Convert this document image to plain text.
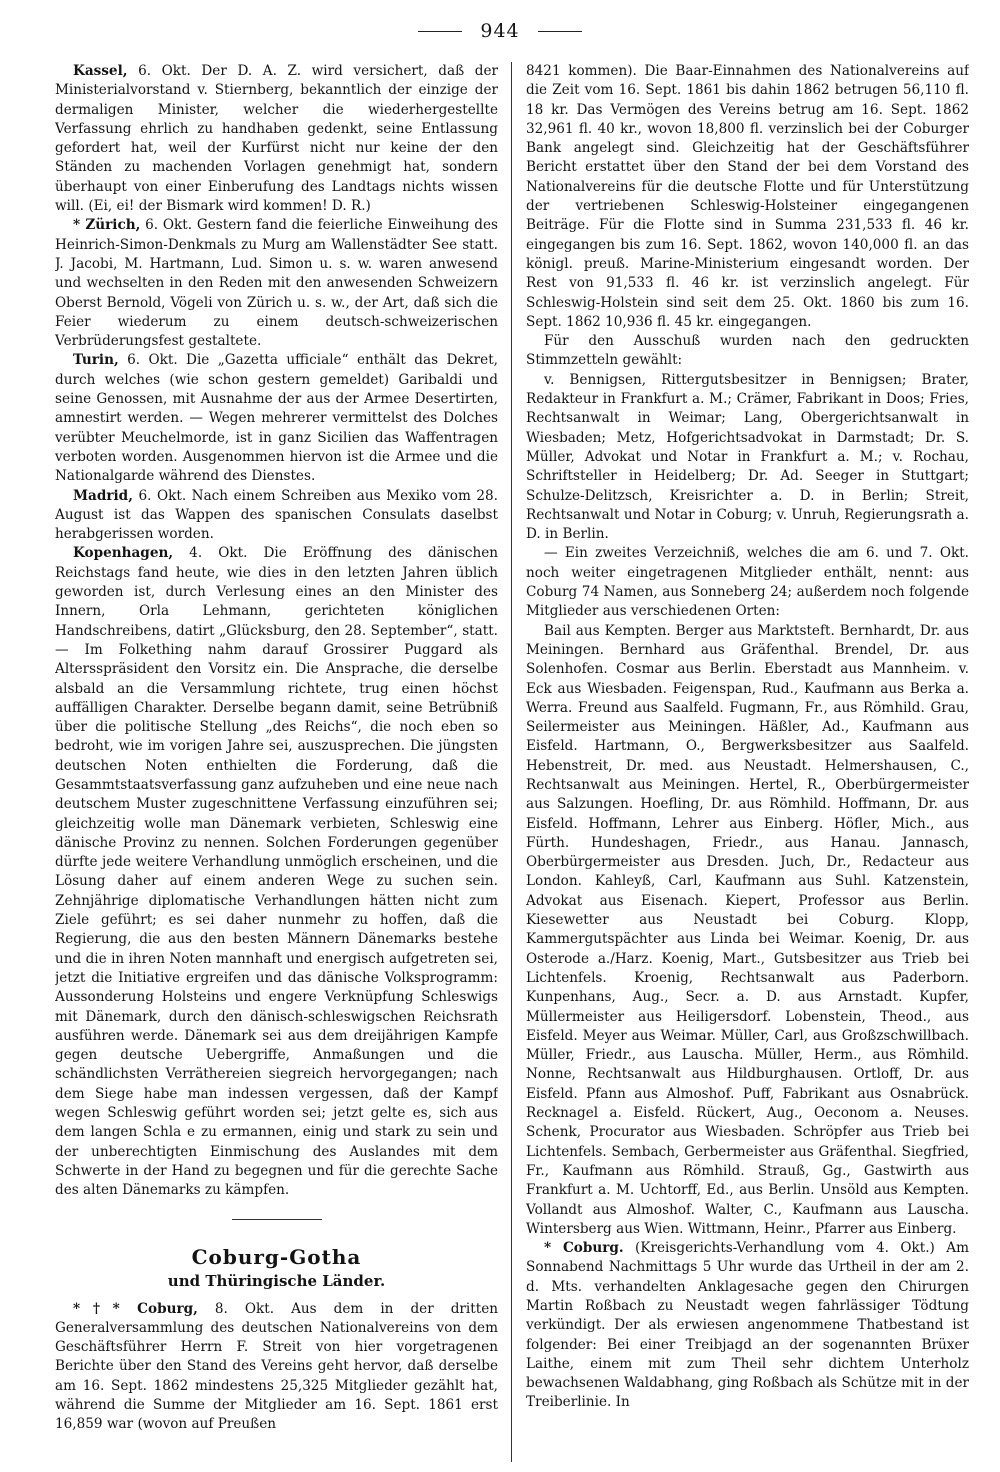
944

Kassel, 6. Okt. Der D. A. Z. wird versichert, daß der Ministerialvorstand v. Stiernberg, bekanntlich der einzige der dermaligen Minister, welcher die wiederhergestellte Verfassung ehrlich zu handhaben gedenkt, seine Entlassung gefordert hat, weil der Kurfürst nicht nur keine der den Ständen zu machenden Vorlagen genehmigt hat, sondern überhaupt von einer Einberufung des Landtags nichts wissen will. (Ei, ei! der Bismark wird kommen! D. R.)

* Zürich, 6. Okt. Gestern fand die feierliche Einweihung des Heinrich-Simon-Denkmals zu Murg am Wallenstädter See statt. J. Jacobi, M. Hartmann, Lud. Simon u. s. w. waren anwesend und wechselten in den Reden mit den anwesenden Schweizern Oberst Bernold, Vögeli von Zürich u. s. w., der Art, daß sich die Feier wiederum zu einem deutsch-schweizerischen Verbrüderungsfest gestaltete.

Turin, 6. Okt. Die „Gazetta ufficiale“ enthält das Dekret, durch welches (wie schon gestern gemeldet) Garibaldi und seine Genossen, mit Ausnahme der aus der Armee Desertirten, amnestirt werden. — Wegen mehrerer vermittelst des Dolches verübter Meuchelmorde, ist in ganz Sicilien das Waffentragen verboten worden. Ausgenommen hiervon ist die Armee und die Nationalgarde während des Dienstes.

Madrid, 6. Okt. Nach einem Schreiben aus Mexiko vom 28. August ist das Wappen des spanischen Consulats daselbst herabgerissen worden.

Kopenhagen, 4. Okt. Die Eröffnung des dänischen Reichstags fand heute, wie dies in den letzten Jahren üblich geworden ist, durch Verlesung eines an den Minister des Innern, Orla Lehmann, gerichteten königlichen Handschreibens, datirt „Glücksburg, den 28. September“, statt. — Im Folkething nahm darauf Grossirer Puggard als Altersspräsident den Vorsitz ein. Die Ansprache, die derselbe alsbald an die Versammlung richtete, trug einen höchst auffälligen Charakter. Derselbe begann damit, seine Betrübniß über die politische Stellung „des Reichs“, die noch eben so bedroht, wie im vorigen Jahre sei, auszusprechen. Die jüngsten deutschen Noten enthielten die Forderung, daß die Gesammtstaatsverfassung ganz aufzuheben und eine neue nach deutschem Muster zugeschnittene Verfassung einzuführen sei; gleichzeitig wolle man Dänemark verbieten, Schleswig eine dänische Provinz zu nennen. Solchen Forderungen gegenüber dürfte jede weitere Verhandlung unmöglich erscheinen, und die Lösung daher auf einem anderen Wege zu suchen sein. Zehnjährige diplomatische Verhandlungen hätten nicht zum Ziele geführt; es sei daher nunmehr zu hoffen, daß die Regierung, die aus den besten Männern Dänemarks bestehe und die in ihren Noten mannhaft und energisch aufgetreten sei, jetzt die Initiative ergreifen und das dänische Volksprogramm: Aussonderung Holsteins und engere Verknüpfung Schleswigs mit Dänemark, durch den dänisch-schleswigschen Reichsrath ausführen werde. Dänemark sei aus dem dreijährigen Kampfe gegen deutsche Uebergriffe, Anmaßungen und die schändlichsten Verräthereien siegreich hervorgegangen; nach dem Siege habe man indessen vergessen, daß der Kampf wegen Schleswig geführt worden sei; jetzt gelte es, sich aus dem langen Schla e zu ermannen, einig und stark zu sein und der unberechtigten Einmischung des Auslandes mit dem Schwerte in der Hand zu begegnen und für die gerechte Sache des alten Dänemarks zu kämpfen.

Coburg-Gotha
und Thüringische Länder.

*†* Coburg, 8. Okt. Aus dem in der dritten Generalversammlung des deutschen Nationalvereins von dem Geschäftsführer Herrn F. Streit von hier vorgetragenen Berichte über den Stand des Vereins geht hervor, daß derselbe am 16. Sept. 1862 mindestens 25,325 Mitglieder gezählt hat, während die Summe der Mitglieder am 16. Sept. 1861 erst 16,859 war (wovon auf Preußen

8421 kommen). Die Baar-Einnahmen des Nationalvereins auf die Zeit vom 16. Sept. 1861 bis dahin 1862 betrugen 56,110 fl. 18 kr. Das Vermögen des Vereins betrug am 16. Sept. 1862 32,961 fl. 40 kr., wovon 18,800 fl. verzinslich bei der Coburger Bank angelegt sind. Gleichzeitig hat der Geschäftsführer Bericht erstattet über den Stand der bei dem Vorstand des Nationalvereins für die deutsche Flotte und für Unterstützung der vertriebenen Schleswig-Holsteiner eingegangenen Beiträge. Für die Flotte sind in Summa 231,533 fl. 46 kr. eingegangen bis zum 16. Sept. 1862, wovon 140,000 fl. an das königl. preuß. Marine-Ministerium eingesandt worden. Der Rest von 91,533 fl. 46 kr. ist verzinslich angelegt. Für Schleswig-Holstein sind seit dem 25. Okt. 1860 bis zum 16. Sept. 1862 10,936 fl. 45 kr. eingegangen.

Für den Ausschuß wurden nach den gedruckten Stimmzetteln gewählt:

v. Bennigsen, Rittergutsbesitzer in Bennigsen; Brater, Redakteur in Frankfurt a. M.; Crämer, Fabrikant in Doos; Fries, Rechtsanwalt in Weimar; Lang, Obergerichtsanwalt in Wiesbaden; Metz, Hofgerichtsadvokat in Darmstadt; Dr. S. Müller, Advokat und Notar in Frankfurt a. M.; v. Rochau, Schriftsteller in Heidelberg; Dr. Ad. Seeger in Stuttgart; Schulze-Delitzsch, Kreisrichter a. D. in Berlin; Streit, Rechtsanwalt und Notar in Coburg; v. Unruh, Regierungsrath a. D. in Berlin.

— Ein zweites Verzeichniß, welches die am 6. und 7. Okt. noch weiter eingetragenen Mitglieder enthält, nennt: aus Coburg 74 Namen, aus Sonneberg 24; außerdem noch folgende Mitglieder aus verschiedenen Orten:

Bail aus Kempten. Berger aus Marktsteft. Bernhardt, Dr. aus Meiningen. Bernhard aus Gräfenthal. Brendel, Dr. aus Solenhofen. Cosmar aus Berlin. Eberstadt aus Mannheim. v. Eck aus Wiesbaden. Feigenspan, Rud., Kaufmann aus Berka a. Werra. Freund aus Saalfeld. Fugmann, Fr., aus Römhild. Grau, Seilermeister aus Meiningen. Häßler, Ad., Kaufmann aus Eisfeld. Hartmann, O., Bergwerksbesitzer aus Saalfeld. Hebenstreit, Dr. med. aus Neustadt. Helmershausen, C., Rechtsanwalt aus Meiningen. Hertel, R., Oberbürgermeister aus Salzungen. Hoefling, Dr. aus Römhild. Hoffmann, Dr. aus Eisfeld. Hoffmann, Lehrer aus Einberg. Höfler, Mich., aus Fürth. Hundeshagen, Friedr., aus Hanau. Jannasch, Oberbürgermeister aus Dresden. Juch, Dr., Redacteur aus London. Kahleyß, Carl, Kaufmann aus Suhl. Katzenstein, Advokat aus Eisenach. Kiepert, Professor aus Berlin. Kiesewetter aus Neustadt bei Coburg. Klopp, Kammergutspächter aus Linda bei Weimar. Koenig, Dr. aus Osterode a./Harz. Koenig, Mart., Gutsbesitzer aus Trieb bei Lichtenfels. Kroenig, Rechtsanwalt aus Paderborn. Kunpenhans, Aug., Secr. a. D. aus Arnstadt. Kupfer, Müllermeister aus Heiligersdorf. Lobenstein, Theod., aus Eisfeld. Meyer aus Weimar. Müller, Carl, aus Großzschwillbach. Müller, Friedr., aus Lauscha. Müller, Herm., aus Römhild. Nonne, Rechtsanwalt aus Hildburghausen. Ortloff, Dr. aus Eisfeld. Pfann aus Almoshof. Puff, Fabrikant aus Osnabrück. Recknagel a. Eisfeld. Rückert, Aug., Oeconom a. Neuses. Schenk, Procurator aus Wiesbaden. Schröpfer aus Trieb bei Lichtenfels. Sembach, Gerbermeister aus Gräfenthal. Siegfried, Fr., Kaufmann aus Römhild. Strauß, Gg., Gastwirth aus Frankfurt a. M. Uchtorff, Ed., aus Berlin. Unsöld aus Kempten. Vollandt aus Almoshof. Walter, C., Kaufmann aus Lauscha. Wintersberg aus Wien. Wittmann, Heinr., Pfarrer aus Einberg.

* Coburg. (Kreisgerichts-Verhandlung vom 4. Okt.) Am Sonnabend Nachmittags 5 Uhr wurde das Urtheil in der am 2. d. Mts. verhandelten Anklagesache gegen den Chirurgen Martin Roßbach zu Neustadt wegen fahrlässiger Tödtung verkündigt. Der als erwiesen angenommene Thatbestand ist folgender: Bei einer Treibjagd an der sogenannten Brüxer Laithe, einem mit zum Theil sehr dichtem Unterholz bewachsenen Waldabhang, ging Roßbach als Schütze mit in der Treiberlinie. In
